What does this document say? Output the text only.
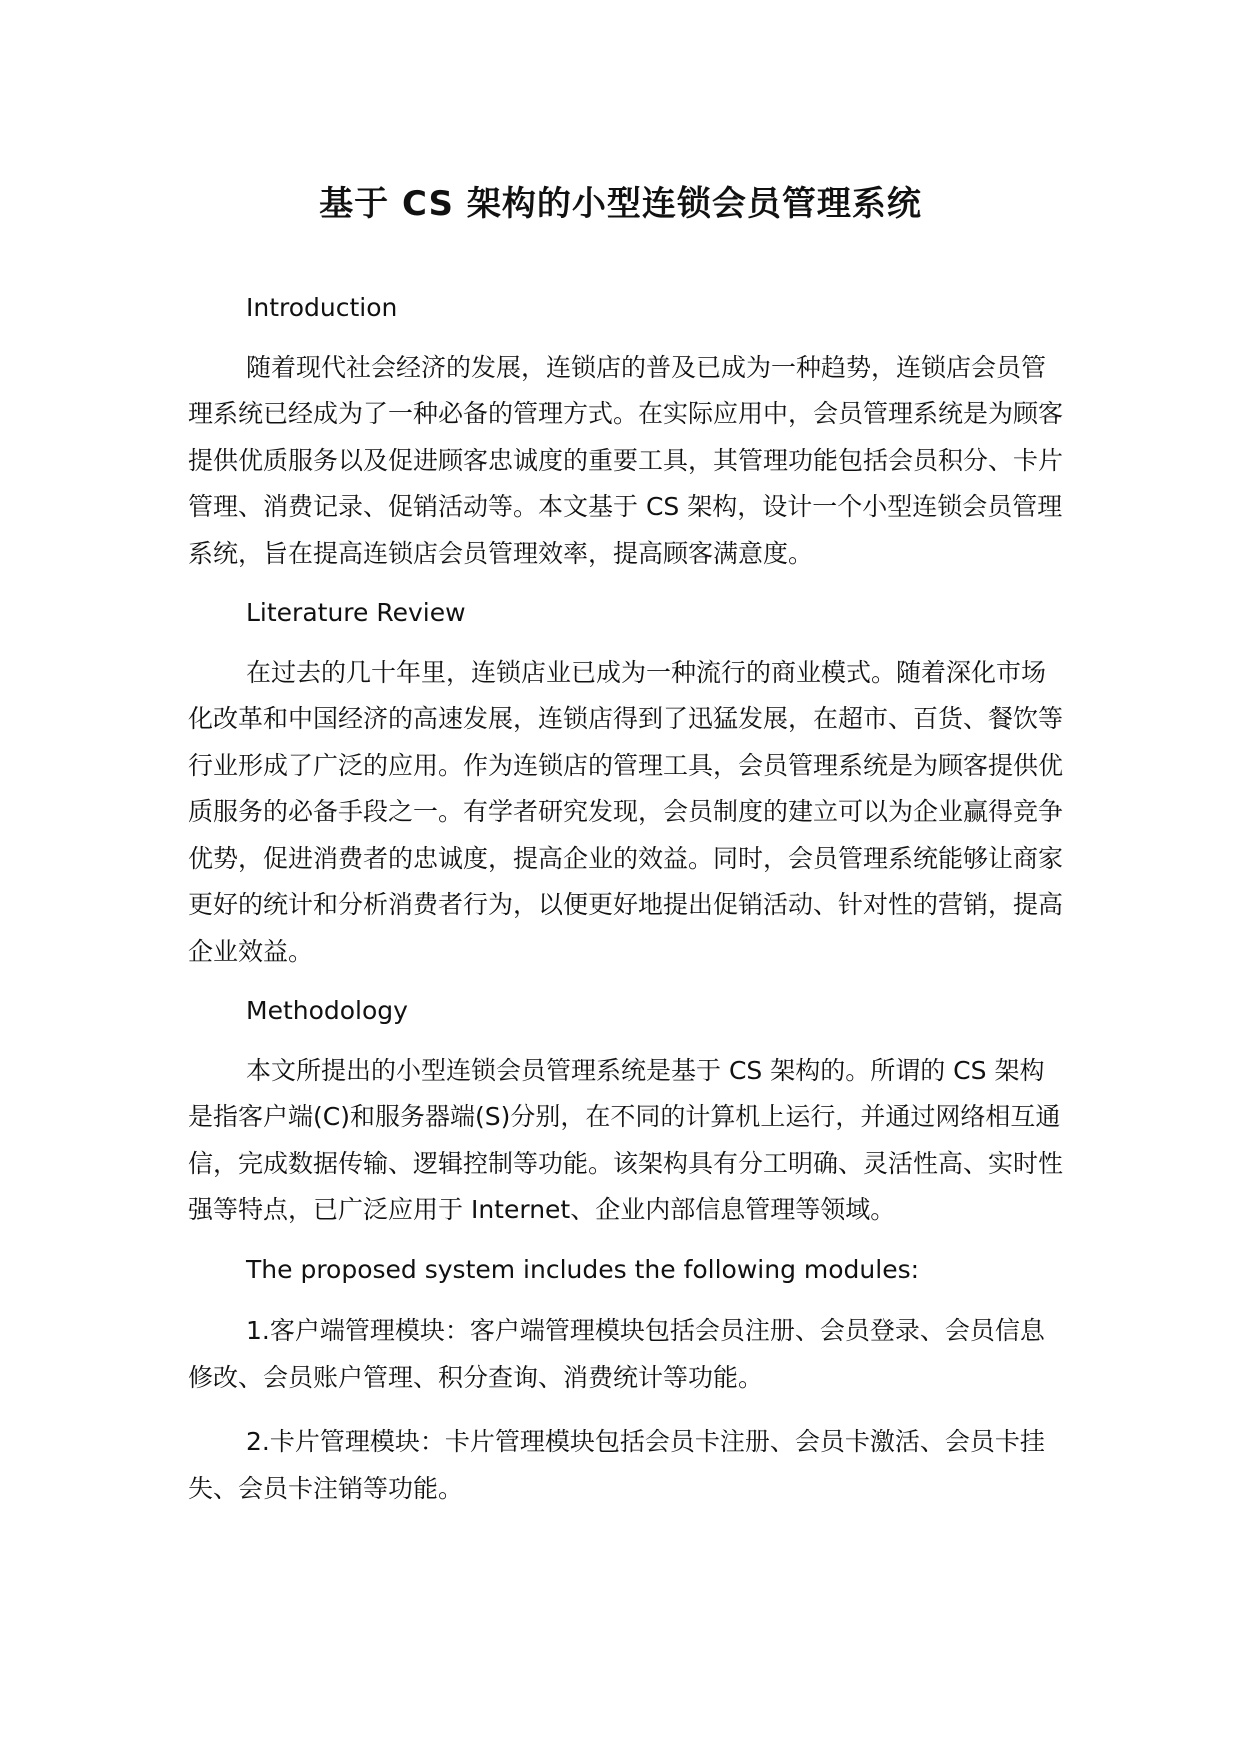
基于 CS 架构的小型连锁会员管理系统
Introduction

随着现代社会经济的发展，连锁店的普及已成为一种趋势，连锁店会员管理系统已经成为了一种必备的管理方式。在实际应用中，会员管理系统是为顾客提供优质服务以及促进顾客忠诚度的重要工具，其管理功能包括会员积分、卡片管理、消费记录、促销活动等。本文基于 CS 架构，设计一个小型连锁会员管理系统，旨在提高连锁店会员管理效率，提高顾客满意度。

Literature Review

在过去的几十年里，连锁店业已成为一种流行的商业模式。随着深化市场化改革和中国经济的高速发展，连锁店得到了迅猛发展，在超市、百货、餐饮等行业形成了广泛的应用。作为连锁店的管理工具，会员管理系统是为顾客提供优质服务的必备手段之一。有学者研究发现，会员制度的建立可以为企业赢得竞争优势，促进消费者的忠诚度，提高企业的效益。同时，会员管理系统能够让商家更好的统计和分析消费者行为，以便更好地提出促销活动、针对性的营销，提高企业效益。

Methodology

本文所提出的小型连锁会员管理系统是基于 CS 架构的。所谓的 CS 架构是指客户端(C)和服务器端(S)分别，在不同的计算机上运行，并通过网络相互通信，完成数据传输、逻辑控制等功能。该架构具有分工明确、灵活性高、实时性强等特点，已广泛应用于 Internet、企业内部信息管理等领域。

The proposed system includes the following modules:

1.客户端管理模块：客户端管理模块包括会员注册、会员登录、会员信息修改、会员账户管理、积分查询、消费统计等功能。

2.卡片管理模块：卡片管理模块包括会员卡注册、会员卡激活、会员卡挂失、会员卡注销等功能。
